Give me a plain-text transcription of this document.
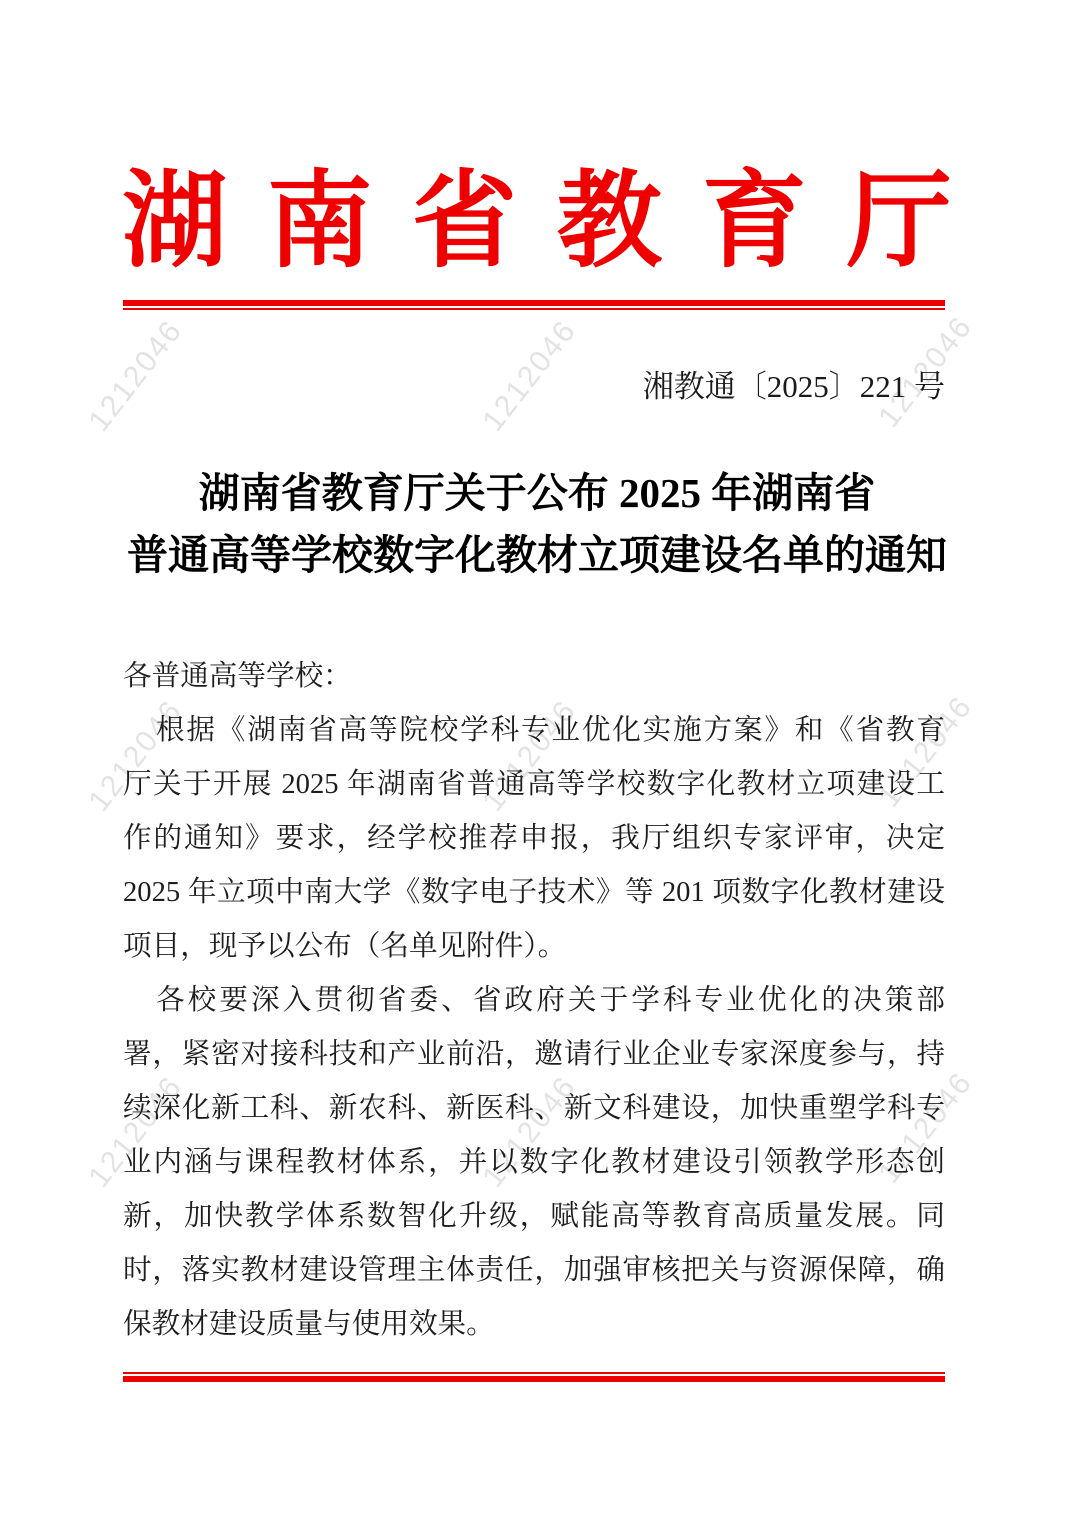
1212046	1212046	1212046
1212046	1212046	1212046
1212046	1212046	1212046
湖南省教育厅
湘教通〔2025〕221 号
湖南省教育厅关于公布 2025 年湖南省
普通高等学校数字化教材立项建设名单的通知
各普通高等学校：
根据《湖南省高等院校学科专业优化实施方案》和《省教育
厅关于开展 2025 年湖南省普通高等学校数字化教材立项建设工
作的通知》要求，经学校推荐申报，我厅组织专家评审，决定
2025 年立项中南大学《数字电子技术》等 201 项数字化教材建设
项目，现予以公布（名单见附件）。
各校要深入贯彻省委、省政府关于学科专业优化的决策部
署，紧密对接科技和产业前沿，邀请行业企业专家深度参与，持
续深化新工科、新农科、新医科、新文科建设，加快重塑学科专
业内涵与课程教材体系，并以数字化教材建设引领教学形态创
新，加快教学体系数智化升级，赋能高等教育高质量发展。同
时，落实教材建设管理主体责任，加强审核把关与资源保障，确
保教材建设质量与使用效果。
